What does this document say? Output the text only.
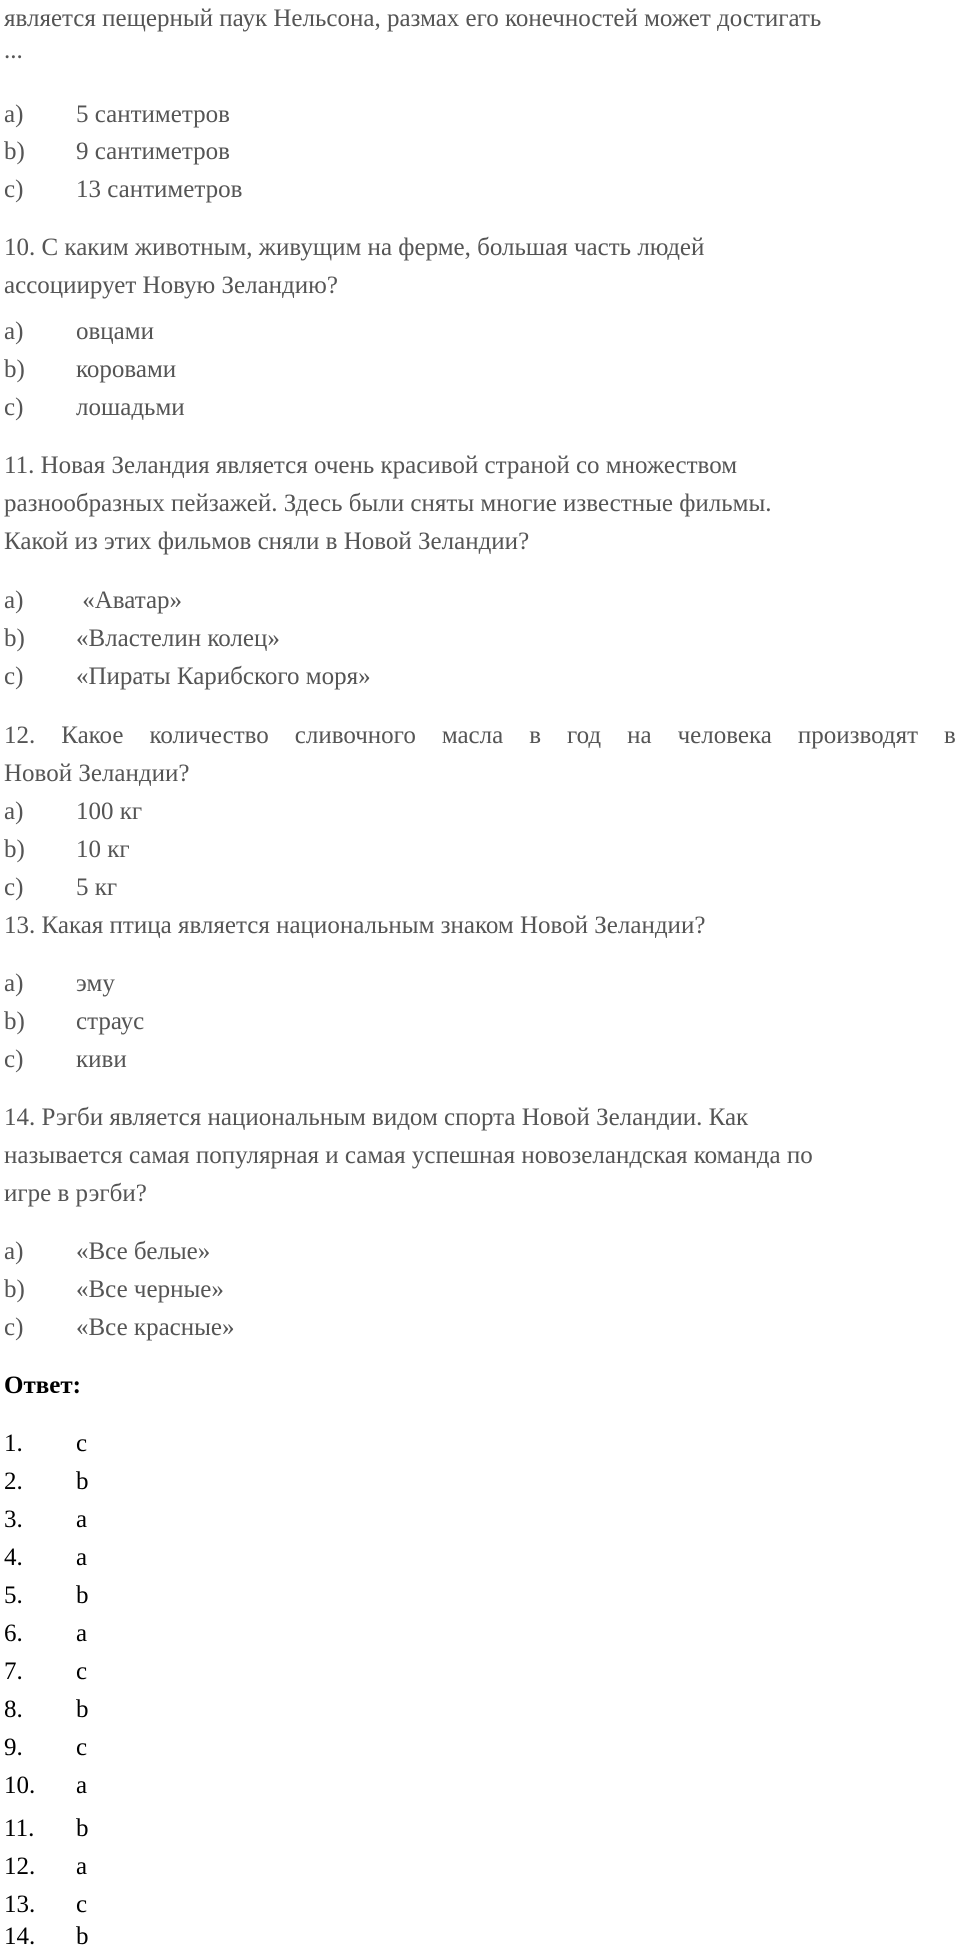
является пещерный паук Нельсона, размах его конечностей может достигать
...
a) 5 сантиметров
b) 9 сантиметров
c) 13 сантиметров
10. С каким животным, живущим на ферме, большая часть людей
ассоциирует Новую Зеландию?
a) овцами
b) коровами
c) лошадьми
11. Новая Зеландия является очень красивой страной со множеством
разнообразных пейзажей. Здесь были сняты многие известные фильмы.
Какой из этих фильмов сняли в Новой Зеландии?
a) «Аватар»
b) «Властелин колец»
c) «Пираты Карибского моря»
12. Какое количество сливочного масла в год на человека производят в
Новой Зеландии?
a) 100 кг
b) 10 кг
c) 5 кг
13. Какая птица является национальным знаком Новой Зеландии?
a) эму
b) страус
c) киви
14. Рэгби является национальным видом спорта Новой Зеландии. Как
называется самая популярная и самая успешная новозеландская команда по
игре в рэгби?
a) «Все белые»
b) «Все черные»
c) «Все красные»
Ответ:
1. c
2. b
3. a
4. a
5. b
6. a
7. c
8. b
9. c
10. a
11. b
12. a
13. c
14. b
